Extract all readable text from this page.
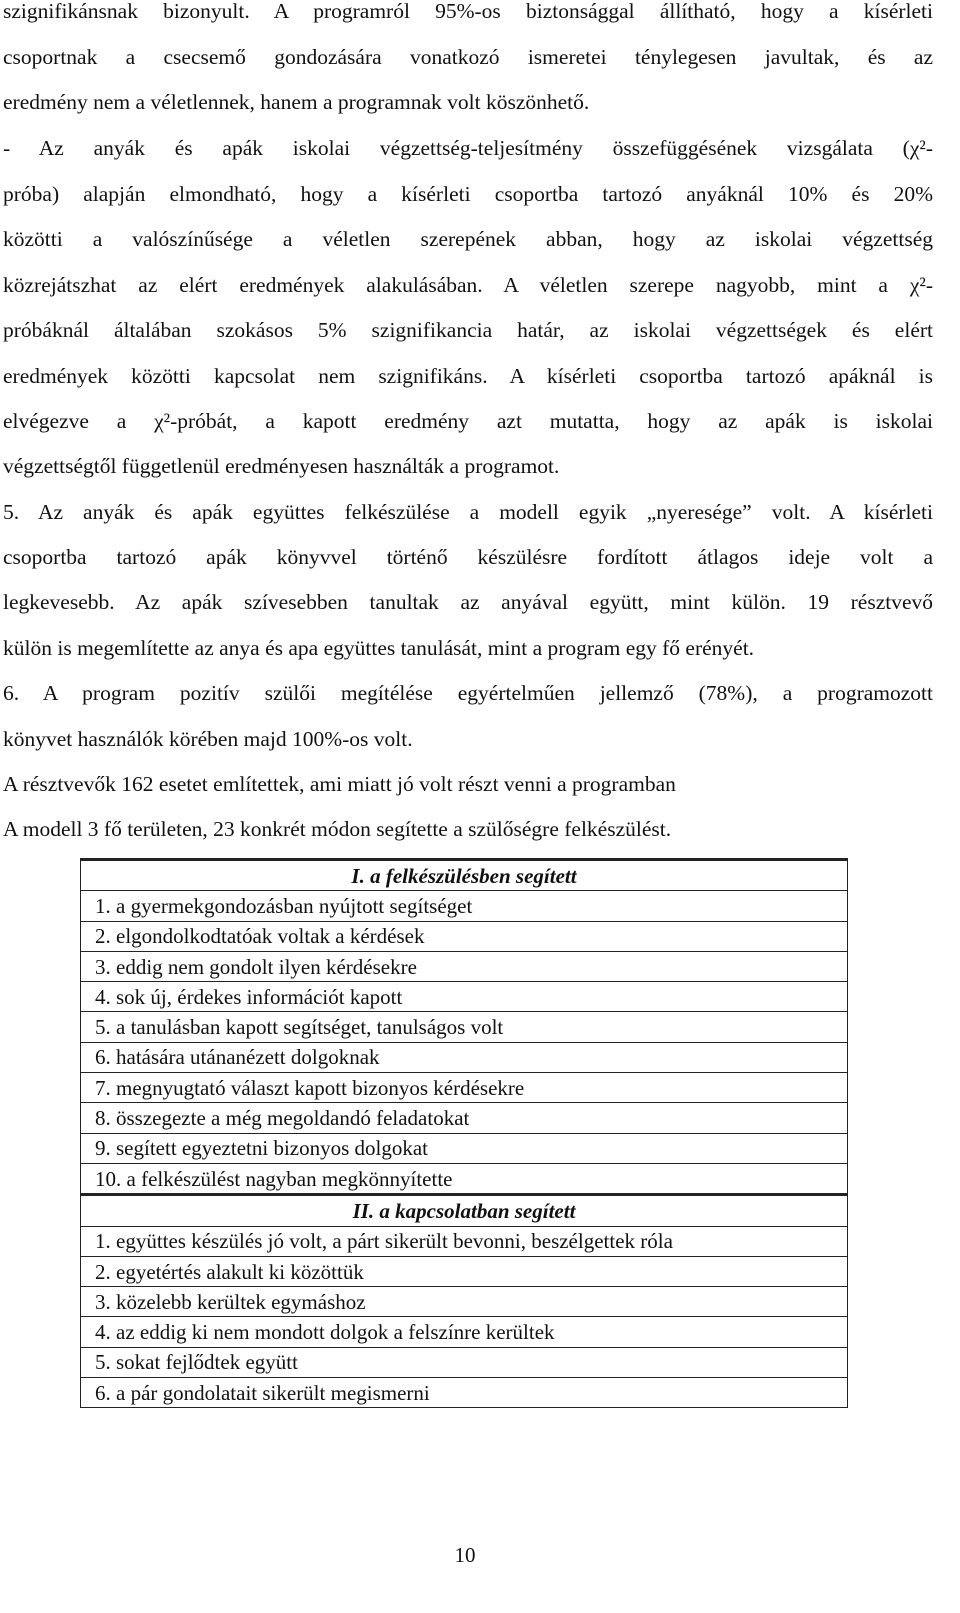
szignifikánsnak bizonyult. A programról 95%-os biztonsággal állítható, hogy a kísérleti
csoportnak a csecsemő gondozására vonatkozó ismeretei ténylegesen javultak, és az
eredmény nem a véletlennek, hanem a programnak volt köszönhető.
- Az anyák és apák iskolai végzettség-teljesítmény összefüggésének vizsgálata (χ²-
próba) alapján elmondható, hogy a kísérleti csoportba tartozó anyáknál 10% és 20%
közötti a valószínűsége a véletlen szerepének abban, hogy az iskolai végzettség
közrejátszhat az elért eredmények alakulásában. A véletlen szerepe nagyobb, mint a χ²-
próbáknál általában szokásos 5% szignifikancia határ, az iskolai végzettségek és elért
eredmények közötti kapcsolat nem szignifikáns. A kísérleti csoportba tartozó apáknál is
elvégezve a χ²-próbát, a kapott eredmény azt mutatta, hogy az apák is iskolai
végzettségtől függetlenül eredményesen használták a programot.
5. Az anyák és apák együttes felkészülése a modell egyik „nyeresége” volt. A kísérleti
csoportba tartozó apák könyvvel történő készülésre fordított átlagos ideje volt a
legkevesebb. Az apák szívesebben tanultak az anyával együtt, mint külön. 19 résztvevő
külön is megemlítette az anya és apa együttes tanulását, mint a program egy fő erényét.
6. A program pozitív szülői megítélése egyértelműen jellemző (78%), a programozott
könyvet használók körében majd 100%-os volt.
A résztvevők 162 esetet említettek, ami miatt jó volt részt venni a programban
A modell 3 fő területen, 23 konkrét módon segítette a szülőségre felkészülést.
I. a felkészülésben segített
1. a gyermekgondozásban nyújtott segítséget
2. elgondolkodtatóak voltak a kérdések
3. eddig nem gondolt ilyen kérdésekre
4. sok új, érdekes információt kapott
5. a tanulásban kapott segítséget, tanulságos volt
6. hatására utánanézett dolgoknak
7. megnyugtató választ kapott bizonyos kérdésekre
8. összegezte a még megoldandó feladatokat
9. segített egyeztetni bizonyos dolgokat
10. a felkészülést nagyban megkönnyítette
II. a kapcsolatban segített
1. együttes készülés jó volt, a párt sikerült bevonni, beszélgettek róla
2. egyetértés alakult ki közöttük
3. közelebb kerültek egymáshoz
4. az eddig ki nem mondott dolgok a felszínre kerültek
5. sokat fejlődtek együtt
6. a pár gondolatait sikerült megismerni
10
